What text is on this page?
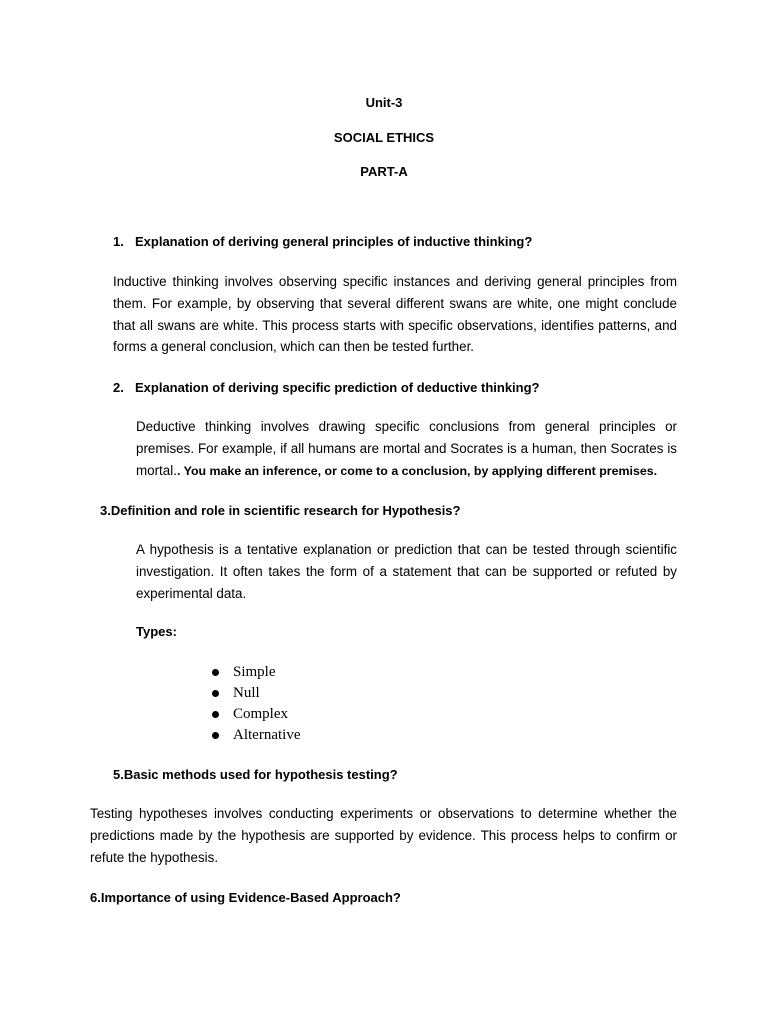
Unit-3
SOCIAL ETHICS
PART-A
1. Explanation of deriving general principles of inductive thinking?
Inductive thinking involves observing specific instances and deriving general principles from them. For example, by observing that several different swans are white, one might conclude that all swans are white. This process starts with specific observations, identifies patterns, and forms a general conclusion, which can then be tested further.
2. Explanation of deriving specific prediction of deductive thinking?
Deductive thinking involves drawing specific conclusions from general principles or premises. For example, if all humans are mortal and Socrates is a human, then Socrates is mortal.. You make an inference, or come to a conclusion, by applying different premises.
3.Definition and role in scientific research for Hypothesis?
A hypothesis is a tentative explanation or prediction that can be tested through scientific investigation. It often takes the form of a statement that can be supported or refuted by experimental data.
Types:
Simple
Null
Complex
Alternative
5.Basic methods used for hypothesis testing?
Testing hypotheses involves conducting experiments or observations to determine whether the predictions made by the hypothesis are supported by evidence. This process helps to confirm or refute the hypothesis.
6.Importance of using Evidence-Based Approach?
